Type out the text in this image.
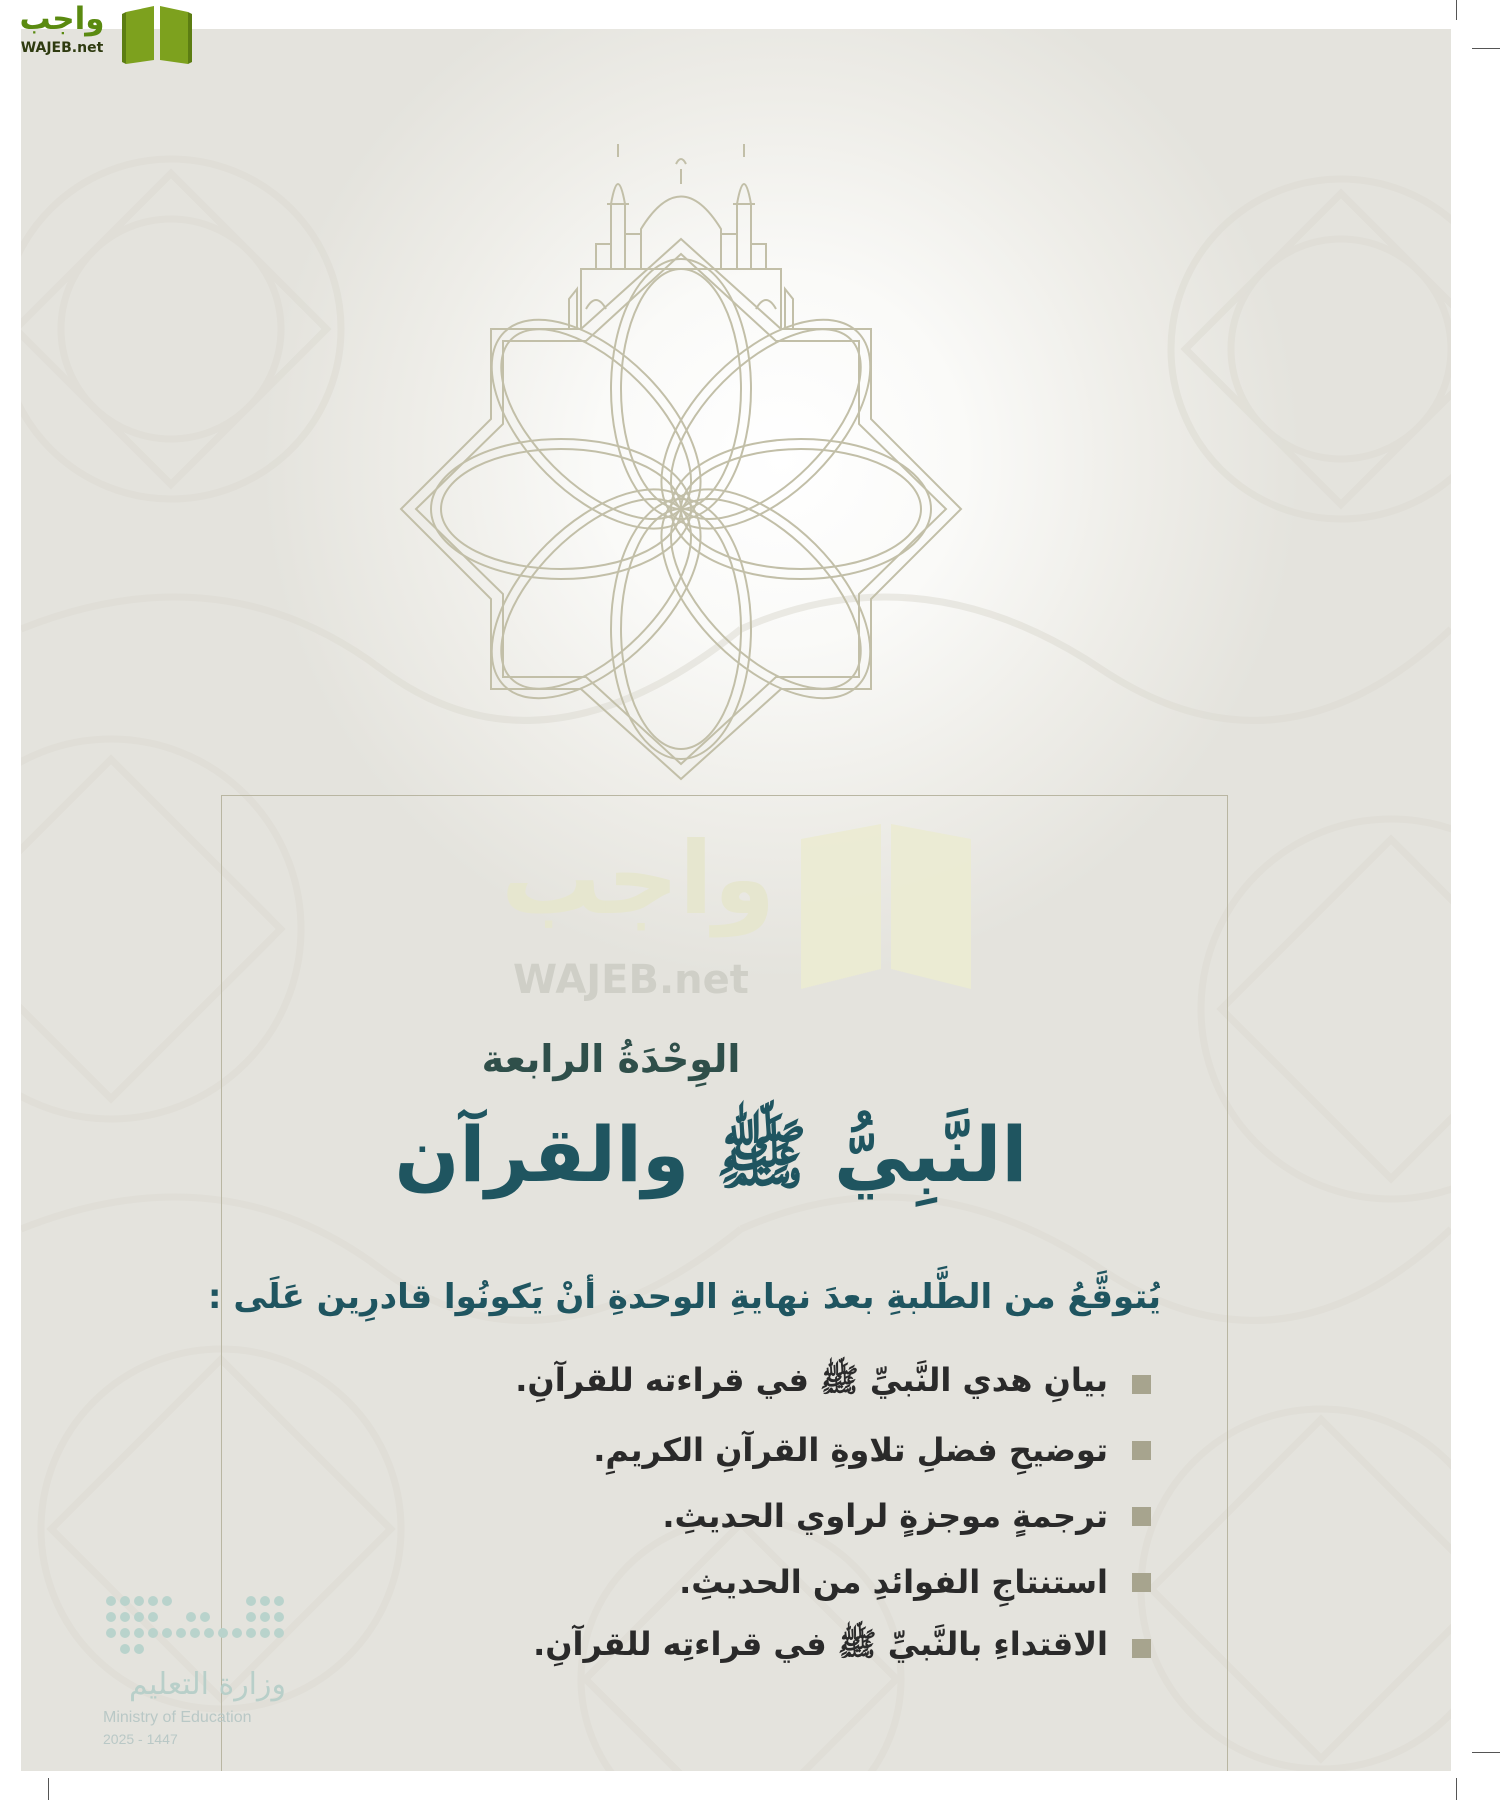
واجب
WAJEB.net
الوِحْدَةُ الرابعة
النَّبِيُّ ﷺ والقرآن
يُتوقَّعُ من الطَّلبةِ بعدَ نهايةِ الوحدةِ أنْ يَكونُوا قادرِين عَلَى :
بيانِ هدي النَّبيِّ ﷺ في قراءته للقرآنِ.
توضيحِ فضلِ تلاوةِ القرآنِ الكريمِ.
ترجمةٍ موجزةٍ لراوي الحديثِ.
استنتاجِ الفوائدِ من الحديثِ.
الاقتداءِ بالنَّبيِّ ﷺ في قراءتِه للقرآنِ.
وزارة التعليم
Ministry of Education
2025 - 1447
واجب
WAJEB.net
